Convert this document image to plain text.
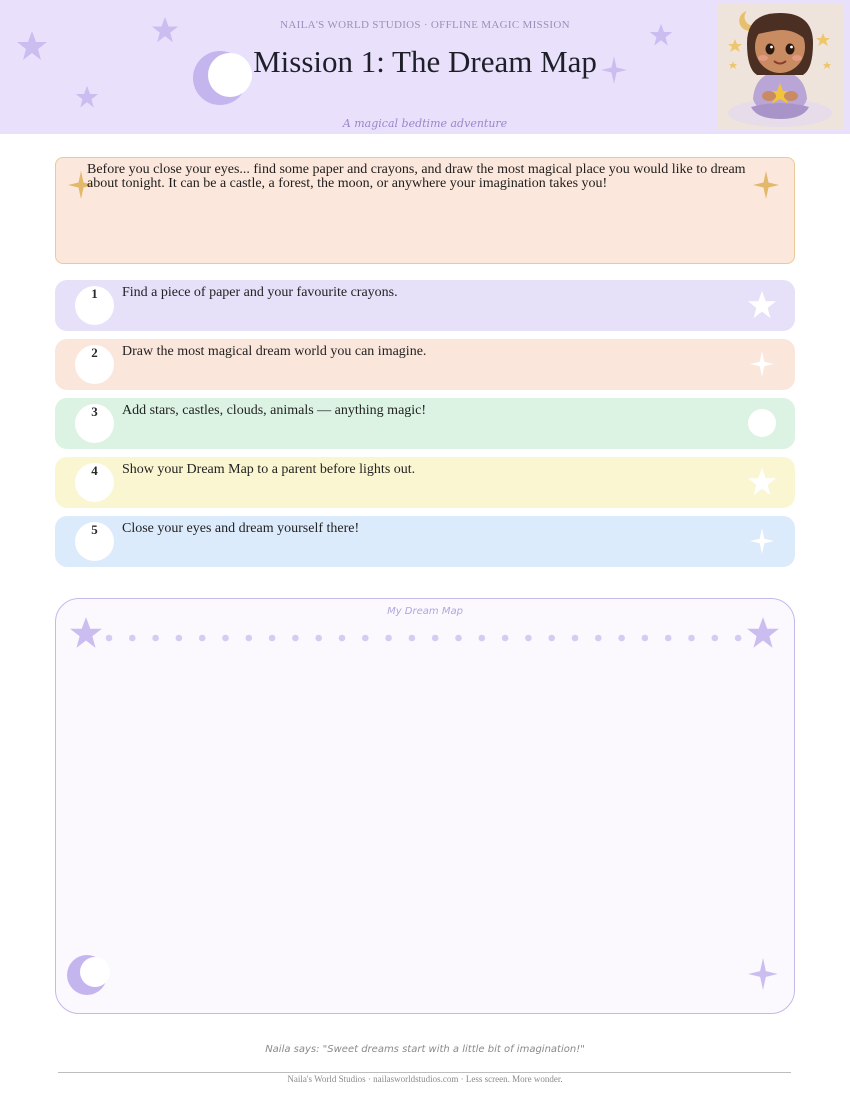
NAILA'S WORLD STUDIOS · OFFLINE MAGIC MISSION
Mission 1: The Dream Map
A magical bedtime adventure
Before you close your eyes... find some paper and crayons, and draw the most magical place you would like to dream about tonight. It can be a castle, a forest, the moon, or anywhere your imagination takes you!
1	Find a piece of paper and your favourite crayons.
2	Draw the most magical dream world you can imagine.
3	Add stars, castles, clouds, animals — anything magic!
4	Show your Dream Map to a parent before lights out.
5	Close your eyes and dream yourself there!
My Dream Map
Naila says: "Sweet dreams start with a little bit of imagination!"
Naila's World Studios · nailasworldstudios.com · Less screen. More wonder.
